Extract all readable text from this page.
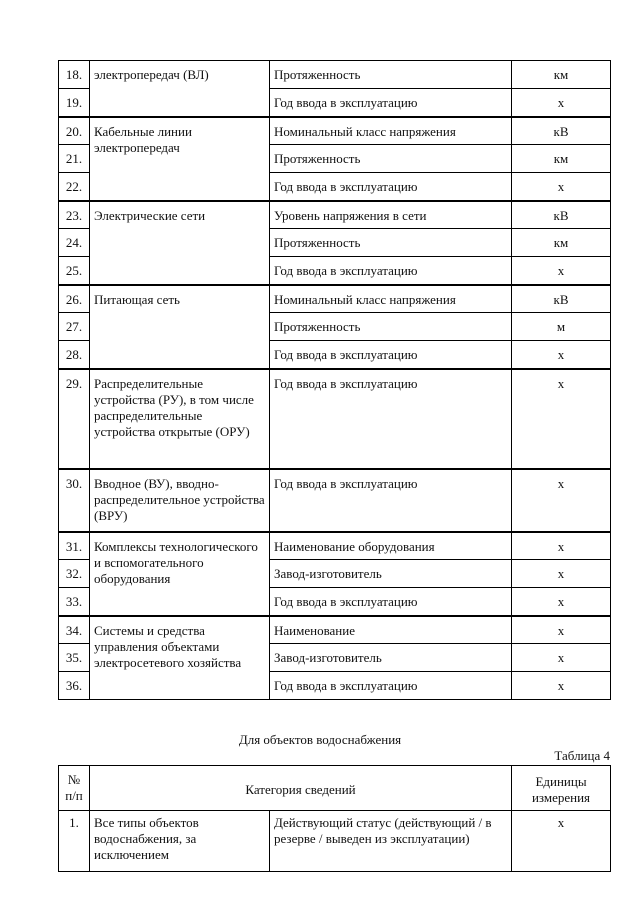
18.	электропередач (ВЛ)	Протяженность	км
19.		Год ввода в эксплуатацию	х
20.	Кабельные линии электропередач	Номинальный класс напряжения	кВ
21.		Протяженность	км
22.		Год ввода в эксплуатацию	х
23.	Электрические сети	Уровень напряжения в сети	кВ
24.		Протяженность	км
25.		Год ввода в эксплуатацию	х
26.	Питающая сеть	Номинальный класс напряжения	кВ
27.		Протяженность	м
28.		Год ввода в эксплуатацию	х
29.	Распределительные устройства (РУ), в том числе распределительные устройства открытые (ОРУ)	Год ввода в эксплуатацию	х
30.	Вводное (ВУ), вводно-распределительное устройства (ВРУ)	Год ввода в эксплуатацию	х
31.	Комплексы технологического и вспомогательного оборудования	Наименование оборудования	х
32.		Завод-изготовитель	х
33.		Год ввода в эксплуатацию	х
34.	Системы и средства управления объектами электросетевого хозяйства	Наименование	х
35.		Завод-изготовитель	х
36.		Год ввода в эксплуатацию	х
Для объектов водоснабжения
Таблица 4
№ п/п	Категория сведений		Единицы измерения
1.	Все типы объектов водоснабжения, за исключением	Действующий статус (действующий / в резерве / выведен из эксплуатации)	х
